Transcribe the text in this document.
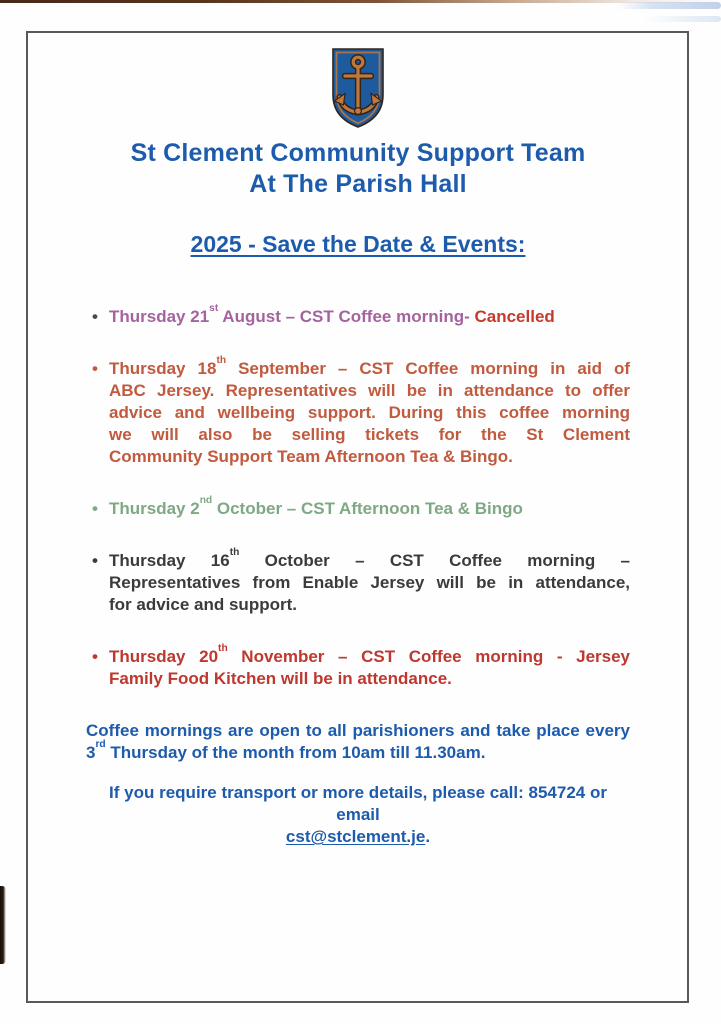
St Clement Community Support Team
At The Parish Hall
2025 - Save the Date & Events:
• Thursday 21st August – CST Coffee morning- Cancelled
• Thursday 18th September – CST Coffee morning in aid of
ABC Jersey. Representatives will be in attendance to offer
advice and wellbeing support. During this coffee morning
we will also be selling tickets for the St Clement
Community Support Team Afternoon Tea & Bingo.
• Thursday 2nd October – CST Afternoon Tea & Bingo
• Thursday 16th October – CST Coffee morning –
Representatives from Enable Jersey will be in attendance,
for advice and support.
• Thursday 20th November – CST Coffee morning - Jersey
Family Food Kitchen will be in attendance.
Coffee mornings are open to all parishioners and take place every
3rd Thursday of the month from 10am till 11.30am.
If you require transport or more details, please call: 854724 or email
cst@stclement.je.
